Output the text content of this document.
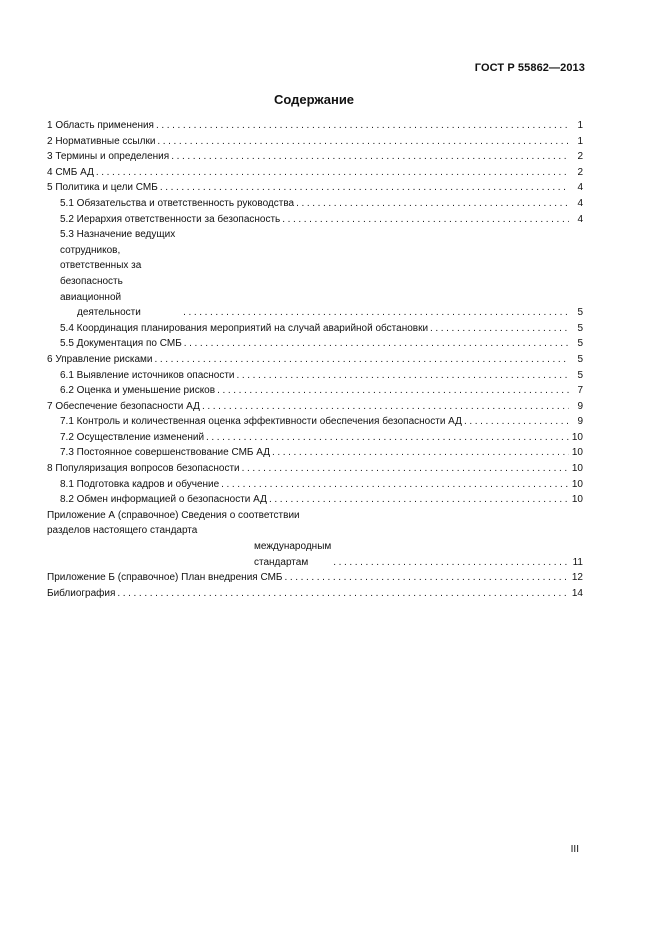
ГОСТ Р 55862—2013
Содержание
1 Область применения .....	1
2 Нормативные ссылки .....	1
3 Термины и определения .....	2
4 СМБ АД .....	2
5 Политика и цели СМБ .....	4
5.1 Обязательства и ответственность руководства .....	4
5.2 Иерархия ответственности за безопасность .....	4
5.3 Назначение ведущих сотрудников, ответственных за безопасность авиационной
деятельности .....	5
5.4 Координация планирования мероприятий на случай аварийной обстановки .....	5
5.5 Документация по СМБ .....	5
6 Управление рисками .....	5
6.1 Выявление источников опасности .....	5
6.2 Оценка и уменьшение рисков .....	7
7 Обеспечение безопасности АД .....	9
7.1 Контроль и количественная оценка эффективности обеспечения безопасности АД .....	9
7.2 Осуществление изменений .....	10
7.3 Постоянное совершенствование СМБ АД .....	10
8 Популяризация вопросов безопасности .....	10
8.1 Подготовка кадров и обучение .....	10
8.2 Обмен информацией о безопасности АД .....	10
Приложение А (справочное) Сведения о соответствии разделов настоящего стандарта
международным стандартам .....	11
Приложение Б (справочное) План внедрения СМБ .....	12
Библиография .....	14
III
